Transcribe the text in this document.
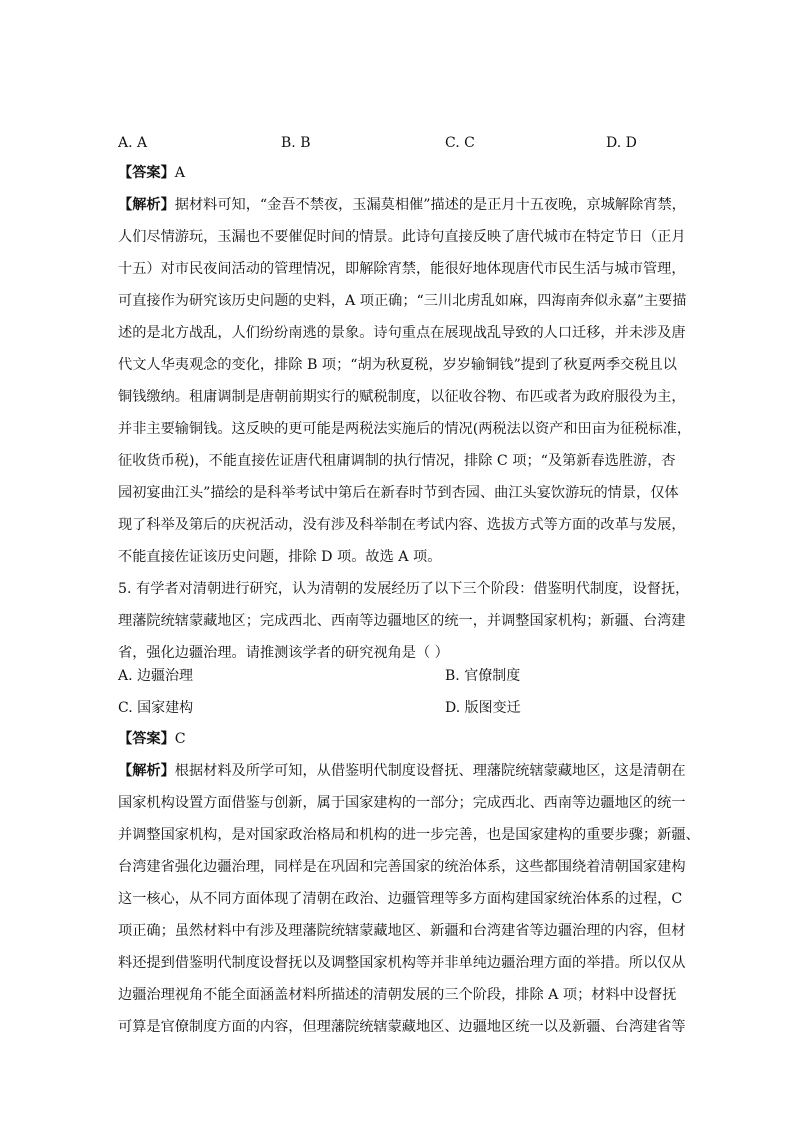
A. A	B. B	C. C	D. D
【答案】A
【解析】据材料可知，“金吾不禁夜，玉漏莫相催”描述的是正月十五夜晚，京城解除宵禁，
人们尽情游玩，玉漏也不要催促时间的情景。此诗句直接反映了唐代城市在特定节日（正月
十五）对市民夜间活动的管理情况，即解除宵禁，能很好地体现唐代市民生活与城市管理，
可直接作为研究该历史问题的史料，A 项正确；“三川北虏乱如麻，四海南奔似永嘉”主要描
述的是北方战乱，人们纷纷南逃的景象。诗句重点在展现战乱导致的人口迁移，并未涉及唐
代文人华夷观念的变化，排除 B 项；“胡为秋夏税，岁岁输铜钱”提到了秋夏两季交税且以
铜钱缴纳。租庸调制是唐朝前期实行的赋税制度，以征收谷物、布匹或者为政府服役为主，
并非主要输铜钱。这反映的更可能是两税法实施后的情况(两税法以资产和田亩为征税标准，
征收货币税)，不能直接佐证唐代租庸调制的执行情况，排除 C 项；“及第新春选胜游，杏
园初宴曲江头”描绘的是科举考试中第后在新春时节到杏园、曲江头宴饮游玩的情景，仅体
现了科举及第后的庆祝活动，没有涉及科举制在考试内容、选拔方式等方面的改革与发展，
不能直接佐证该历史问题，排除 D 项。故选 A 项。
5. 有学者对清朝进行研究，认为清朝的发展经历了以下三个阶段：借鉴明代制度，设督抚，
理藩院统辖蒙藏地区；完成西北、西南等边疆地区的统一，并调整国家机构；新疆、台湾建
省，强化边疆治理。请推测该学者的研究视角是（ ）
A. 边疆治理	B. 官僚制度
C. 国家建构	D. 版图变迁
【答案】C
【解析】根据材料及所学可知，从借鉴明代制度设督抚、理藩院统辖蒙藏地区，这是清朝在
国家机构设置方面借鉴与创新，属于国家建构的一部分；完成西北、西南等边疆地区的统一
并调整国家机构，是对国家政治格局和机构的进一步完善，也是国家建构的重要步骤；新疆、
台湾建省强化边疆治理，同样是在巩固和完善国家的统治体系，这些都围绕着清朝国家建构
这一核心，从不同方面体现了清朝在政治、边疆管理等多方面构建国家统治体系的过程，C
项正确；虽然材料中有涉及理藩院统辖蒙藏地区、新疆和台湾建省等边疆治理的内容，但材
料还提到借鉴明代制度设督抚以及调整国家机构等并非单纯边疆治理方面的举措。所以仅从
边疆治理视角不能全面涵盖材料所描述的清朝发展的三个阶段，排除 A 项；材料中设督抚
可算是官僚制度方面的内容，但理藩院统辖蒙藏地区、边疆地区统一以及新疆、台湾建省等
